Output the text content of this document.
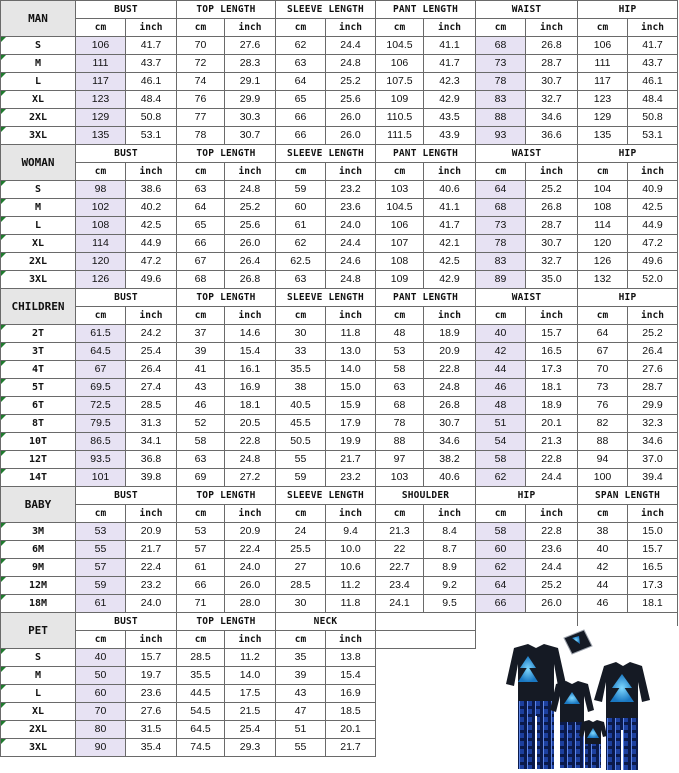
MAN	BUST		TOP LENGTH		SLEEVE LENGTH		PANT LENGTH		WAIST		HIP	
	cm	inch	cm	inch	cm	inch	cm	inch	cm	inch	cm	inch

S	106	41.7	70	27.6	62	24.4	104.5	41.1	68	26.8	106	41.7

M	111	43.7	72	28.3	63	24.8	106	41.7	73	28.7	111	43.7

L	117	46.1	74	29.1	64	25.2	107.5	42.3	78	30.7	117	46.1

XL	123	48.4	76	29.9	65	25.6	109	42.9	83	32.7	123	48.4

2XL	129	50.8	77	30.3	66	26.0	110.5	43.5	88	34.6	129	50.8

3XL	135	53.1	78	30.7	66	26.0	111.5	43.9	93	36.6	135	53.1
WOMAN	BUST		TOP LENGTH		SLEEVE LENGTH		PANT LENGTH		WAIST		HIP	
	cm	inch	cm	inch	cm	inch	cm	inch	cm	inch	cm	inch

S	98	38.6	63	24.8	59	23.2	103	40.6	64	25.2	104	40.9

M	102	40.2	64	25.2	60	23.6	104.5	41.1	68	26.8	108	42.5

L	108	42.5	65	25.6	61	24.0	106	41.7	73	28.7	114	44.9

XL	114	44.9	66	26.0	62	24.4	107	42.1	78	30.7	120	47.2

2XL	120	47.2	67	26.4	62.5	24.6	108	42.5	83	32.7	126	49.6

3XL	126	49.6	68	26.8	63	24.8	109	42.9	89	35.0	132	52.0
CHILDREN	BUST		TOP LENGTH		SLEEVE LENGTH		PANT LENGTH		WAIST		HIP	
	cm	inch	cm	inch	cm	inch	cm	inch	cm	inch	cm	inch

2T	61.5	24.2	37	14.6	30	11.8	48	18.9	40	15.7	64	25.2

3T	64.5	25.4	39	15.4	33	13.0	53	20.9	42	16.5	67	26.4

4T	67	26.4	41	16.1	35.5	14.0	58	22.8	44	17.3	70	27.6

5T	69.5	27.4	43	16.9	38	15.0	63	24.8	46	18.1	73	28.7

6T	72.5	28.5	46	18.1	40.5	15.9	68	26.8	48	18.9	76	29.9

8T	79.5	31.3	52	20.5	45.5	17.9	78	30.7	51	20.1	82	32.3

10T	86.5	34.1	58	22.8	50.5	19.9	88	34.6	54	21.3	88	34.6

12T	93.5	36.8	63	24.8	55	21.7	97	38.2	58	22.8	94	37.0

14T	101	39.8	69	27.2	59	23.2	103	40.6	62	24.4	100	39.4
BABY	BUST		TOP LENGTH		SLEEVE LENGTH		SHOULDER		HIP		SPAN LENGTH	
	cm	inch	cm	inch	cm	inch	cm	inch	cm	inch	cm	inch

3M	53	20.9	53	20.9	24	9.4	21.3	8.4	58	22.8	38	15.0

6M	55	21.7	57	22.4	25.5	10.0	22	8.7	60	23.6	40	15.7

9M	57	22.4	61	24.0	27	10.6	22.7	8.9	62	24.4	42	16.5

12M	59	23.2	66	26.0	28.5	11.2	23.4	9.2	64	25.2	44	17.3

18M	61	24.0	71	28.0	30	11.8	24.1	9.5	66	26.0	46	18.1
PET	BUST		TOP LENGTH		NECK							
	cm	inch	cm	inch	cm	inch						

S	40	15.7	28.5	11.2	35	13.8						

M	50	19.7	35.5	14.0	39	15.4						

L	60	23.6	44.5	17.5	43	16.9						

XL	70	27.6	54.5	21.5	47	18.5						

2XL	80	31.5	64.5	25.4	51	20.1						

3XL	90	35.4	74.5	29.3	55	21.7						
